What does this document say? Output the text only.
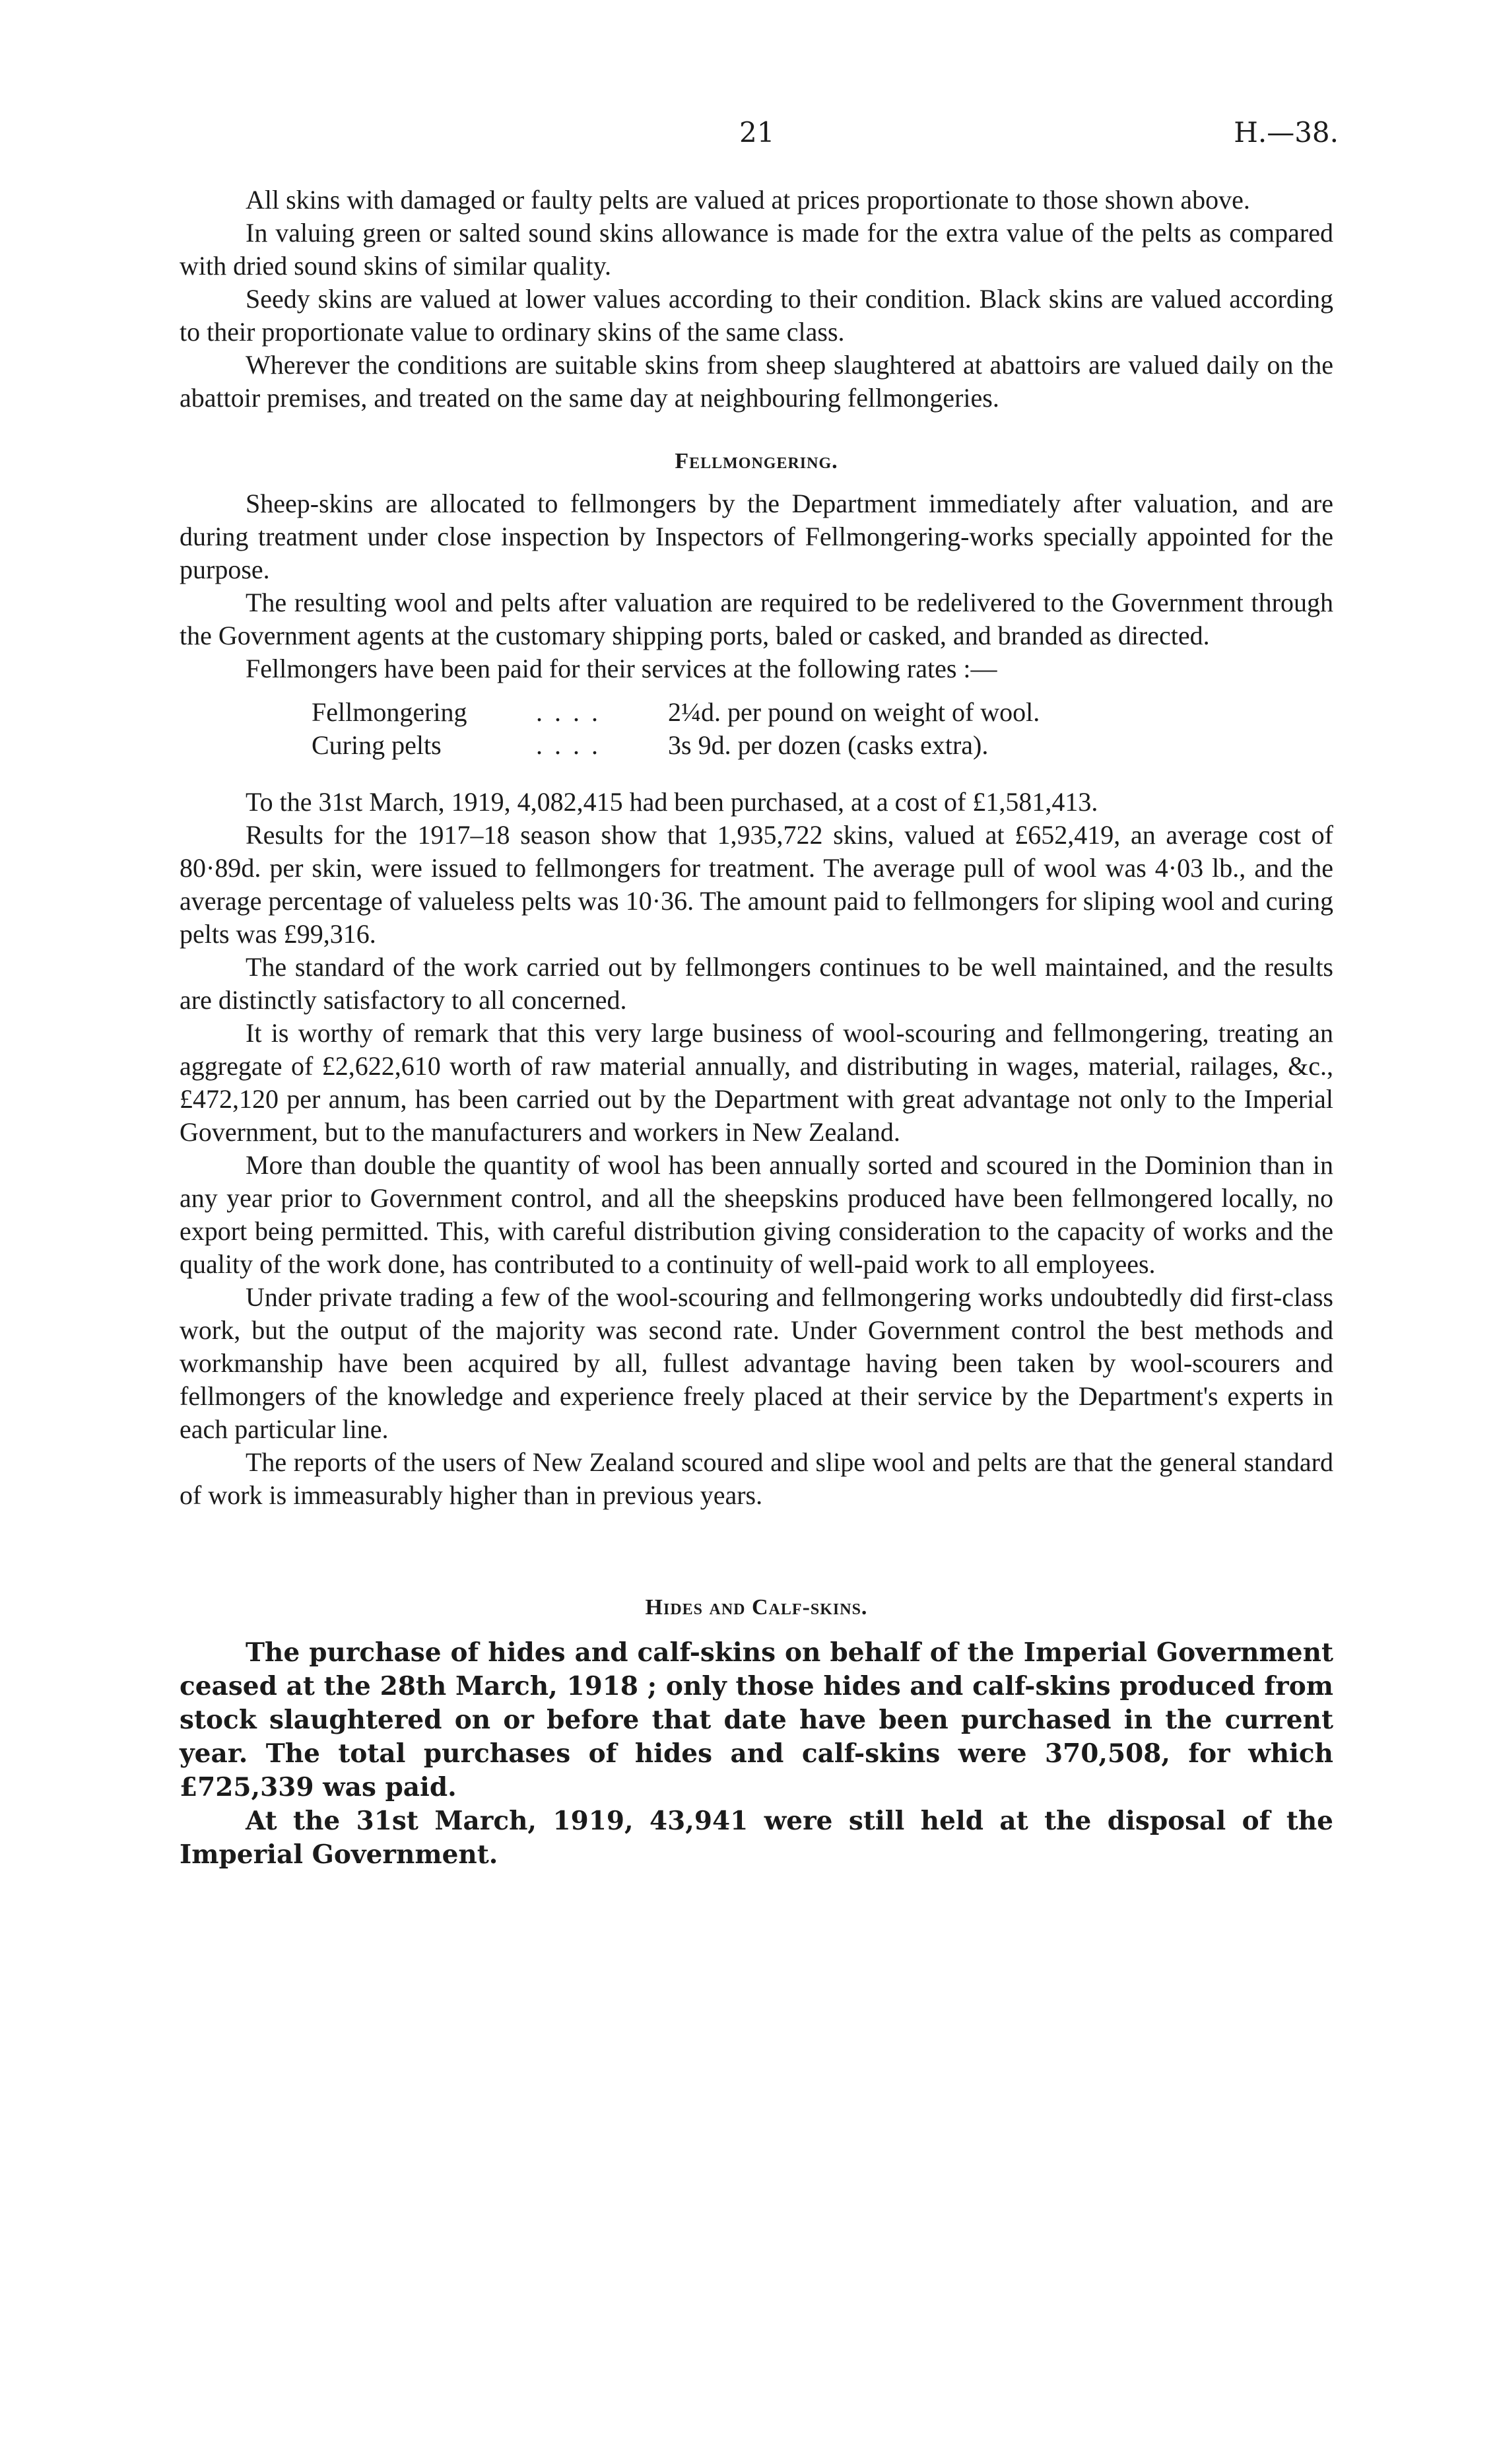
21	H.—38.

All skins with damaged or faulty pelts are valued at prices proportionate to those shown above.

In valuing green or salted sound skins allowance is made for the extra value of the pelts as compared with dried sound skins of similar quality.

Seedy skins are valued at lower values according to their condition. Black skins are valued according to their proportionate value to ordinary skins of the same class.

Wherever the conditions are suitable skins from sheep slaughtered at abattoirs are valued daily on the abattoir premises, and treated on the same day at neighbouring fellmongeries.

Fellmongering.

Sheep-skins are allocated to fellmongers by the Department immediately after valuation, and are during treatment under close inspection by Inspectors of Fellmongering-works specially appointed for the purpose.

The resulting wool and pelts after valuation are required to be redelivered to the Government through the Government agents at the customary shipping ports, baled or casked, and branded as directed.

Fellmongers have been paid for their services at the following rates :—

Fellmongering	. . . .	2¼d. per pound on weight of wool.
Curing pelts	. . . .	3s 9d. per dozen (casks extra).

To the 31st March, 1919, 4,082,415 had been purchased, at a cost of £1,581,413.

Results for the 1917–18 season show that 1,935,722 skins, valued at £652,419, an average cost of 80·89d. per skin, were issued to fellmongers for treatment. The average pull of wool was 4·03 lb., and the average percentage of valueless pelts was 10·36. The amount paid to fellmongers for sliping wool and curing pelts was £99,316.

The standard of the work carried out by fellmongers continues to be well maintained, and the results are distinctly satisfactory to all concerned.

It is worthy of remark that this very large business of wool-scouring and fellmongering, treating an aggregate of £2,622,610 worth of raw material annually, and distributing in wages, material, railages, &c., £472,120 per annum, has been carried out by the Department with great advantage not only to the Imperial Government, but to the manufacturers and workers in New Zealand.

More than double the quantity of wool has been annually sorted and scoured in the Dominion than in any year prior to Government control, and all the sheepskins produced have been fellmongered locally, no export being permitted. This, with careful distribution giving consideration to the capacity of works and the quality of the work done, has contributed to a continuity of well-paid work to all employees.

Under private trading a few of the wool-scouring and fellmongering works undoubtedly did first-class work, but the output of the majority was second rate. Under Government control the best methods and workmanship have been acquired by all, fullest advantage having been taken by wool-scourers and fellmongers of the knowledge and experience freely placed at their service by the Department's experts in each particular line.

The reports of the users of New Zealand scoured and slipe wool and pelts are that the general standard of work is immeasurably higher than in previous years.

Hides and Calf-skins.

The purchase of hides and calf-skins on behalf of the Imperial Government ceased at the 28th March, 1918 ; only those hides and calf-skins produced from stock slaughtered on or before that date have been purchased in the current year. The total purchases of hides and calf-skins were 370,508, for which £725,339 was paid.

At the 31st March, 1919, 43,941 were still held at the disposal of the Imperial Government.
